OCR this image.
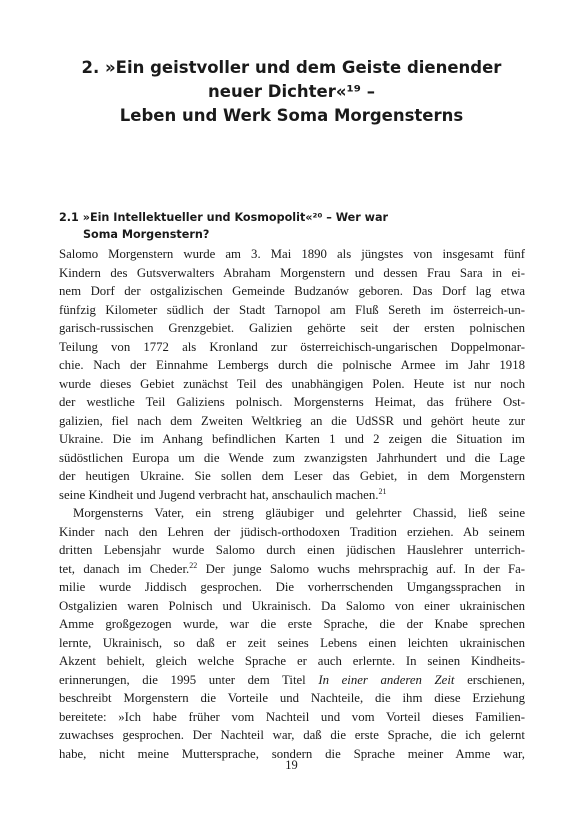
2. »Ein geistvoller und dem Geiste dienender
neuer Dichter«¹⁹ –
Leben und Werk Soma Morgensterns
2.1 »Ein Intellektueller und Kosmopolit«²⁰ – Wer war
Soma Morgenstern?
Salomo Morgenstern wurde am 3. Mai 1890 als jüngstes von insgesamt fünf
Kindern des Gutsverwalters Abraham Morgenstern und dessen Frau Sara in ei-
nem Dorf der ostgalizischen Gemeinde Budzanów geboren. Das Dorf lag etwa
fünfzig Kilometer südlich der Stadt Tarnopol am Fluß Sereth im österreich-un-
garisch-russischen Grenzgebiet. Galizien gehörte seit der ersten polnischen
Teilung von 1772 als Kronland zur österreichisch-ungarischen Doppelmonar-
chie. Nach der Einnahme Lembergs durch die polnische Armee im Jahr 1918
wurde dieses Gebiet zunächst Teil des unabhängigen Polen. Heute ist nur noch
der westliche Teil Galiziens polnisch. Morgensterns Heimat, das frühere Ost-
galizien, fiel nach dem Zweiten Weltkrieg an die UdSSR und gehört heute zur
Ukraine. Die im Anhang befindlichen Karten 1 und 2 zeigen die Situation im
südöstlichen Europa um die Wende zum zwanzigsten Jahrhundert und die Lage
der heutigen Ukraine. Sie sollen dem Leser das Gebiet, in dem Morgenstern
seine Kindheit und Jugend verbracht hat, anschaulich machen.$^{21}$
Morgensterns Vater, ein streng gläubiger und gelehrter Chassid, ließ seine
Kinder nach den Lehren der jüdisch-orthodoxen Tradition erziehen. Ab seinem
dritten Lebensjahr wurde Salomo durch einen jüdischen Hauslehrer unterrich-
tet, danach im Cheder.$^{22}$ Der junge Salomo wuchs mehrsprachig auf. In der Fa-
milie wurde Jiddisch gesprochen. Die vorherrschenden Umgangssprachen in
Ostgalizien waren Polnisch und Ukrainisch. Da Salomo von einer ukrainischen
Amme großgezogen wurde, war die erste Sprache, die der Knabe sprechen
lernte, Ukrainisch, so daß er zeit seines Lebens einen leichten ukrainischen
Akzent behielt, gleich welche Sprache er auch erlernte. In seinen Kindheits-
erinnerungen, die 1995 unter dem Titel In einer anderen Zeit erschienen,
beschreibt Morgenstern die Vorteile und Nachteile, die ihm diese Erziehung
bereitete: »Ich habe früher vom Nachteil und vom Vorteil dieses Familien-
zuwachses gesprochen. Der Nachteil war, daß die erste Sprache, die ich gelernt
habe, nicht meine Muttersprache, sondern die Sprache meiner Amme war,
19
